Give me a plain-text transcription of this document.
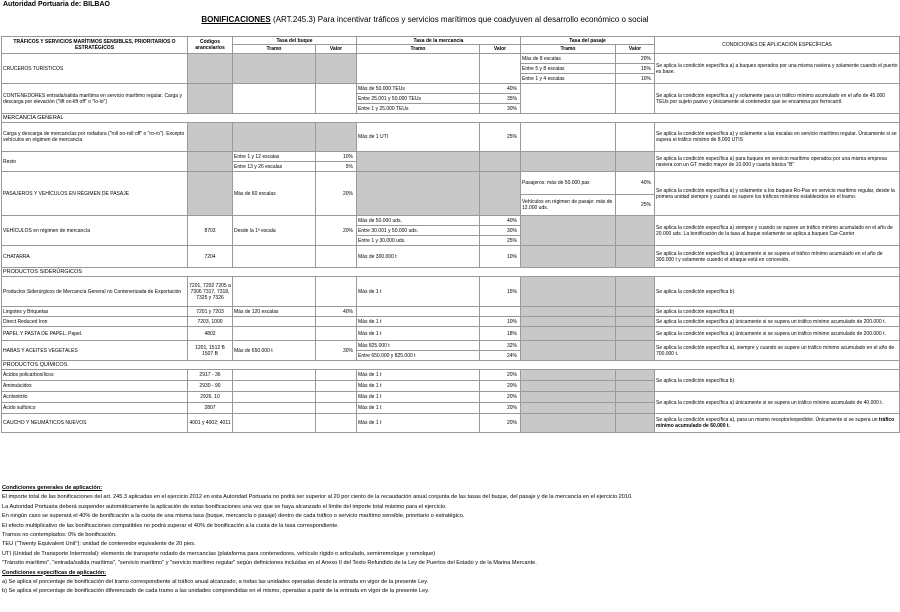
Autoridad Portuaria de: BILBAO
BONIFICACIONES (ART.245.3) Para incentivar tráficos y servicios marítimos que coadyuven al desarrollo económico o social
TRÁFICOS Y SERVICIOS MARÍTIMOS SENSIBLES, PRIORITARIOS O ESTRATÉGICOS	Códigos arancelarios	Tasa del buque		Tasa de la mercancía		Tasa del pasaje		CONDICIONES DE APLICACIÓN ESPECÍFICAS
		Tramo	Valor	Tramo	Valor	Tramo	Valor	
CRUCEROS TURÍSTICOS						Más de 8 escalas	20%	Se aplica la condición específica a) a buques operados por una misma naviera y solamente cuando el puerto es base.
						Entre 5 y 8 escalas	15%	
						Entre 1 y 4 escalas	10%	
CONTENEDORES entrada/salida marítima en servicio marítimo regular. Carga y descarga por elevación ("lift on-lift off" o "lo-lo")				Más de 50.000 TEUs	40%			Se aplica la condición específica a) y solamente para un tráfico mínimo acumulado en el año de 45.000 TEUs por sujeto pasivo y únicamente al contenedor que se encamina por ferrocarril.
				Entre 25.001 y 50.000 TEUs	35%			
				Entre 1 y 25.000 TEUs	30%			
MERCANCÍA GENERAL								
Carga y descarga de mercancías por rodadura ("roll on-roll off" o "ro-ro"). Excepto vehículos en régimen de mercancía				Más de 1 UTI	25%			Se aplica la condición específica a) y solamente a las escalas en servicio marítimo regular. Únicamente si se supera el tráfico mínimo de 8.000 UTIS
Resto		Entre 1 y 12 escalas	10%					Se aplica la condición específica a) para buques en servicio marítimo operados por una misma empresa naviera con un GT medio mayor de 10.000 y cuarta básica "B"
		Entre 13 y 26 escalas	5%					
PASAJEROS Y VEHÍCULOS EN RÉGIMEN DE PASAJE		Más de 60 escalas	20%			Pasajeros: más de 50.000 pax	40%	Se aplica la condición específica a) y solamente a los buques Ro-Pax en servicio marítimo regular, desde la primera unidad siempre y cuando se supere los tráficos mínimos establecidos en el tramo.
						Vehículos en régimen de pasaje: más de 12.000 uds.	25%	
VEHÍCULOS en régimen de mercancía	8703	Desde la 1ª escala	20%	Más de 50.000 uds.	40%			Se aplica la condición específica a) siempre y cuando se supere un tráfico mínimo acumulado en el año de 20.000 uds. La bonificación de la tasa al buque solamente se aplica a buques Car-Carrier
				Entre 30.001 y 50.000 uds.	30%			
				Entre 1 y 30.000 uds.	25%			
CHATARRA	7204			Más de 300.000 t	10%			Se aplica la condición específica a) únicamente si se supera el tráfico mínimo acumulado en el año de 300.000 t y solamente cuando el atraque está en concesión.
PRODUCTOS SIDERÚRGICOS								
Productos Siderúrgicos de Mercancía General no Contenerizada de Exportación	7201, 7202 7205 a 7306 7317, 7318, 7325 y 7326			Más de 1 t	15%			Se aplica la condición específica b)
Lingotes y Briquetas	7201 y 7203	Más de 120 escalas	40%					Se aplica la condición específica b)
Direct Reduced Iron	7203, 1000			Más de 1 t	10%			Se aplica la condición específica a) únicamente si se supera un tráfico mínimo acumulado de 200.000 t.
PAPEL Y PASTA DE PAPEL. Papel.	4802			Más de 1 t	18%			Se aplica la condición específica a) únicamente si se supera un tráfico mínimo acumulado de 200.000 t.
HABAS Y ACEITES VEGETALES	1201, 1512 B 1507 B	Más de 650.000 t	30%	Más 825.000 t	32%			Se aplica la condición específica a), siempre y cuando se supere un tráfico mínimo acumulado en el año de 700.000 t.
				Entre 650.000 y 825.000 t	24%			
PRODUCTOS QUÍMICOS								
Ácidos policarboxílicos	2917 - 36			Más de 1 t	20%			Se aplica la condición específica b)
Aminoácidos	2930 - 90			Más de 1 t	20%			
Acrilonitrilo	2926. 10			Más de 1 t	20%			Se aplica la condición específica a) únicamente si se supera un tráfico mínimo acumulado de 40.000 t.
Ácido sulfúrico	2807			Más de 1 t	20%			
CAUCHO Y NEUMÁTICOS NUEVOS	4001 y 4002; 4011			Más de 1 t	20%			Se aplica la condición específica a), para un mismo receptor/expedidor. Únicamente si se supera un tráfico mínimo acumulado de 60.000 t.

Condiciones generales de aplicación:

El importe total de las bonificaciones del art. 245.3 aplicadas en el ejercicio 2012 en esta Autoridad Portuaria no podrá ser superior al 20 por ciento de la recaudación anual conjunta de las tasas del buque, del pasaje y de la mercancía en el ejercicio 2010.

La Autoridad Portuaria deberá suspender automáticamente la aplicación de estas bonificaciones una vez que se haya alcanzado el límite del importe total máximo para el ejercicio.

En ningún caso se superará el 40% de bonificación a la cuota de una misma tasa (buque, mercancía o pasaje) dentro de cada tráfico o servicio marítimo sensible, prioritario o estratégico.

El efecto multiplicativo de las bonificaciones compatibles no podrá superar el 40% de bonificación a la cuota de la tasa correspondiente.

Tramos no contemplados: 0% de bonificación.

TEU ("Twenty Equivalent Unit"): unidad de contenedor equivalente de 20 pies.

UTI (Unidad de Transporte Intermodal): elemento de transporte rodado de mercancías (plataforma para contenedores, vehículo rígido o articulado, semirremolque y remolque)

"Tránsito marítimo", "entrada/salida marítima", "servicio marítimo" y "servicio marítimo regular" según definiciones incluidas en el Anexo II del Texto Refundido de la Ley de Puertos del Estado y de la Marina Mercante.

Condiciones específicas de aplicación:

a) Se aplica el porcentaje de bonificación del tramo correspondiente al tráfico anual alcanzado, a todas las unidades operadas desde la entrada en vigor de la presente Ley.

b) Se aplica el porcentaje de bonificación diferenciado de cada tramo a las unidades comprendidas en el mismo, operadas a partir de la entrada en vigor de la presente Ley.
